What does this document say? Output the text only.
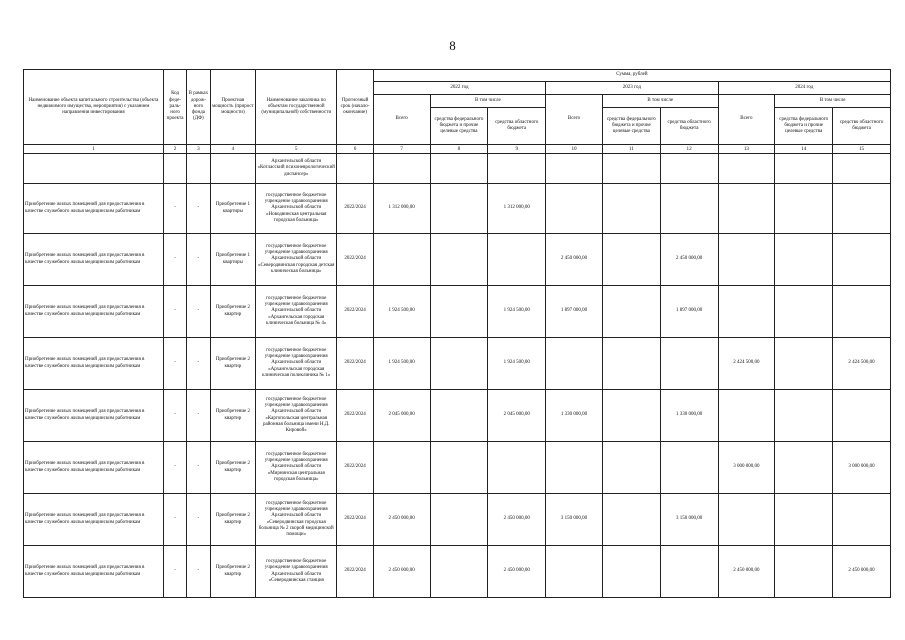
8
Наименование объекта капитального строительства (объекта недвижимого имущества, мероприятия) с указанием направления инвестирования	Код феде-раль-ного проекта	В рамках дорож-ного фонда (ДФ)	Проектная мощность (прирост мощности)	Наименование заказчика по объектам государственной (муниципальной) собственности	Прогнозный срок (начало-окончание)	Сумма, рублей								
						2022 год			2023 год			2024 год		
						Всего	В том числе		Всего	В том числе		Всего	В том числе	
							средства федерального бюджета и прочие целевые средства	средства областного бюджета		средства федерального бюджета и прочие целевые средства	средства областного бюджета		средства федерального бюджета и прочие целевые средства	средство областного бюджета
1	2	3	4	5	6	7	8	9	10	11	12	13	14	15
				Архангельской области «Котласский психоневрологический диспансер»										
Приобретение жилых помещений для предоставления в качестве служебного жилья медицинским работникам	-	-	Приобретение 1 квартиры	государственное бюджетное учреждение здравоохранения Архангельской области «Новодвинская центральная городская больница»	2022/2024	1 312 000,00		1 312 000,00						
Приобретение жилых помещений для предоставления в качестве служебного жилья медицинским работникам	-	-	Приобретение 1 квартиры	государственное бюджетное учреждение здравоохранения Архангельской области «Северодвинская городская детская клиническая больница»	2022/2024				2 450 000,00		2 450 000,00			
Приобретение жилых помещений для предоставления в качестве служебного жилья медицинским работникам	-	-	Приобретение 2 квартир	государственное бюджетное учреждение здравоохранения Архангельской области «Архангельская городская клиническая больница № 4»	2022/2024	1 924 500,00		1 924 500,00	1 897 000,00		1 897 000,00			
Приобретение жилых помещений для предоставления в качестве служебного жилья медицинским работникам	-	-	Приобретение 2 квартир	государственное бюджетное учреждение здравоохранения Архангельской области «Архангельская городская клиническая поликлиника № 1»	2022/2024	1 924 500,00		1 924 500,00				2 424 500,00		2 424 500,00
Приобретение жилых помещений для предоставления в качестве служебного жилья медицинским работникам	-	-	Приобретение 2 квартир	государственное бюджетное учреждение здравоохранения Архангельской области «Каргопольская центральная районная больница имени Н.Д. Кировой»	2022/2024	2 045 000,00		2 045 000,00	1 330 000,00		1 330 000,00			
Приобретение жилых помещений для предоставления в качестве служебного жилья медицинским работникам	-	-	Приобретение 2 квартир	государственное бюджетное учреждение здравоохранения Архангельской области «Мирнинская центральная городская больница»	2022/2024							3 000 000,00		3 000 000,00
Приобретение жилых помещений для предоставления в качестве служебного жилья медицинским работникам	-	-	Приобретение 2 квартир	государственное бюджетное учреждение здравоохранения Архангельской области «Северодвинская городская больница № 2 скорой медицинской помощи»	2022/2024	2 450 000,00		2 450 000,00	3 150 000,00		3 150 000,00			
Приобретение жилых помещений для предоставления в качестве служебного жилья медицинским работникам	-	-	Приобретение 2 квартир	государственное бюджетное учреждение здравоохранения Архангельской области «Северодвинская станция	2022/2024	2 450 000,00		2 450 000,00				2 450 000,00		2 450 000,00
